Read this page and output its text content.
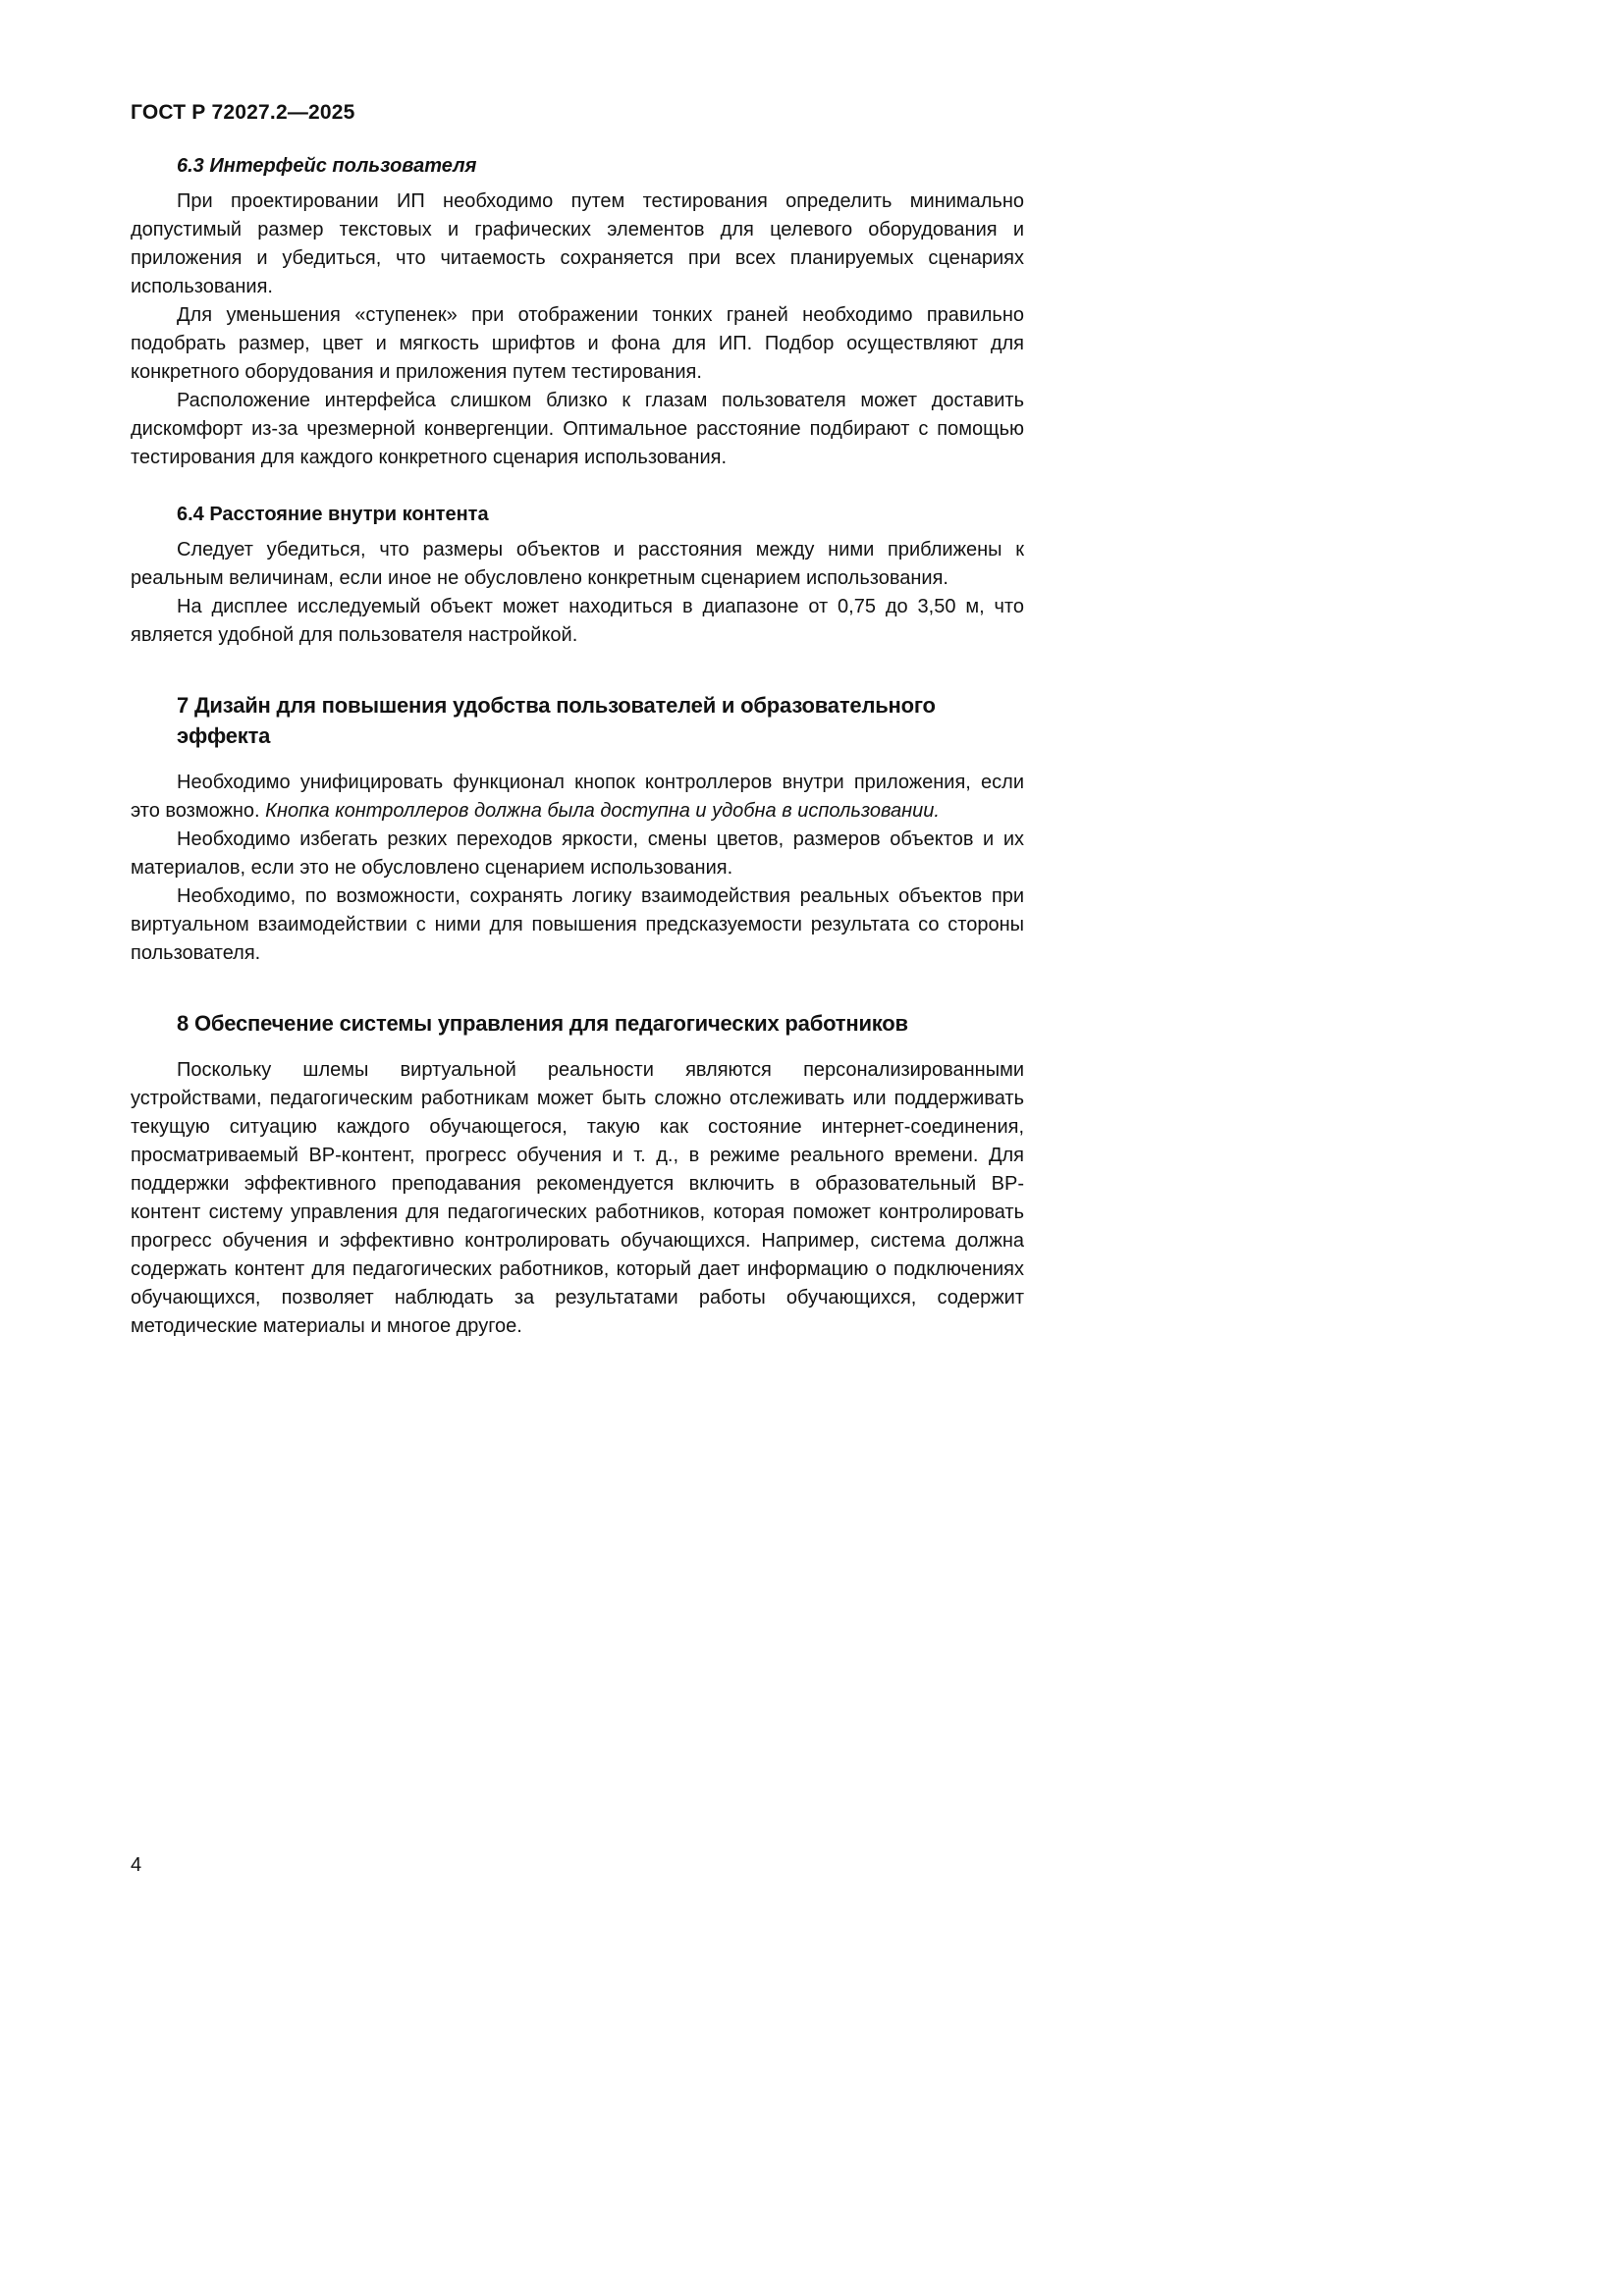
ГОСТ Р 72027.2—2025

6.3 Интерфейс пользователя

При проектировании ИП необходимо путем тестирования определить минимально допустимый размер текстовых и графических элементов для целевого оборудования и приложения и убедиться, что читаемость сохраняется при всех планируемых сценариях использования.

Для уменьшения «ступенек» при отображении тонких граней необходимо правильно подобрать размер, цвет и мягкость шрифтов и фона для ИП. Подбор осуществляют для конкретного оборудования и приложения путем тестирования.

Расположение интерфейса слишком близко к глазам пользователя может доставить дискомфорт из-за чрезмерной конвергенции. Оптимальное расстояние подбирают с помощью тестирования для каждого конкретного сценария использования.

6.4 Расстояние внутри контента

Следует убедиться, что размеры объектов и расстояния между ними приближены к реальным величинам, если иное не обусловлено конкретным сценарием использования.

На дисплее исследуемый объект может находиться в диапазоне от 0,75 до 3,50 м, что является удобной для пользователя настройкой.

7 Дизайн для повышения удобства пользователей и образовательного эффекта

Необходимо унифицировать функционал кнопок контроллеров внутри приложения, если это возможно. Кнопка контроллеров должна была доступна и удобна в использовании.

Необходимо избегать резких переходов яркости, смены цветов, размеров объектов и их материалов, если это не обусловлено сценарием использования.

Необходимо, по возможности, сохранять логику взаимодействия реальных объектов при виртуальном взаимодействии с ними для повышения предсказуемости результата со стороны пользователя.

8 Обеспечение системы управления для педагогических работников

Поскольку шлемы виртуальной реальности являются персонализированными устройствами, педагогическим работникам может быть сложно отслеживать или поддерживать текущую ситуацию каждого обучающегося, такую как состояние интернет-соединения, просматриваемый ВР-контент, прогресс обучения и т. д., в режиме реального времени. Для поддержки эффективного преподавания рекомендуется включить в образовательный ВР-контент систему управления для педагогических работников, которая поможет контролировать прогресс обучения и эффективно контролировать обучающихся. Например, система должна содержать контент для педагогических работников, который дает информацию о подключениях обучающихся, позволяет наблюдать за результатами работы обучающихся, содержит методические материалы и многое другое.

4
